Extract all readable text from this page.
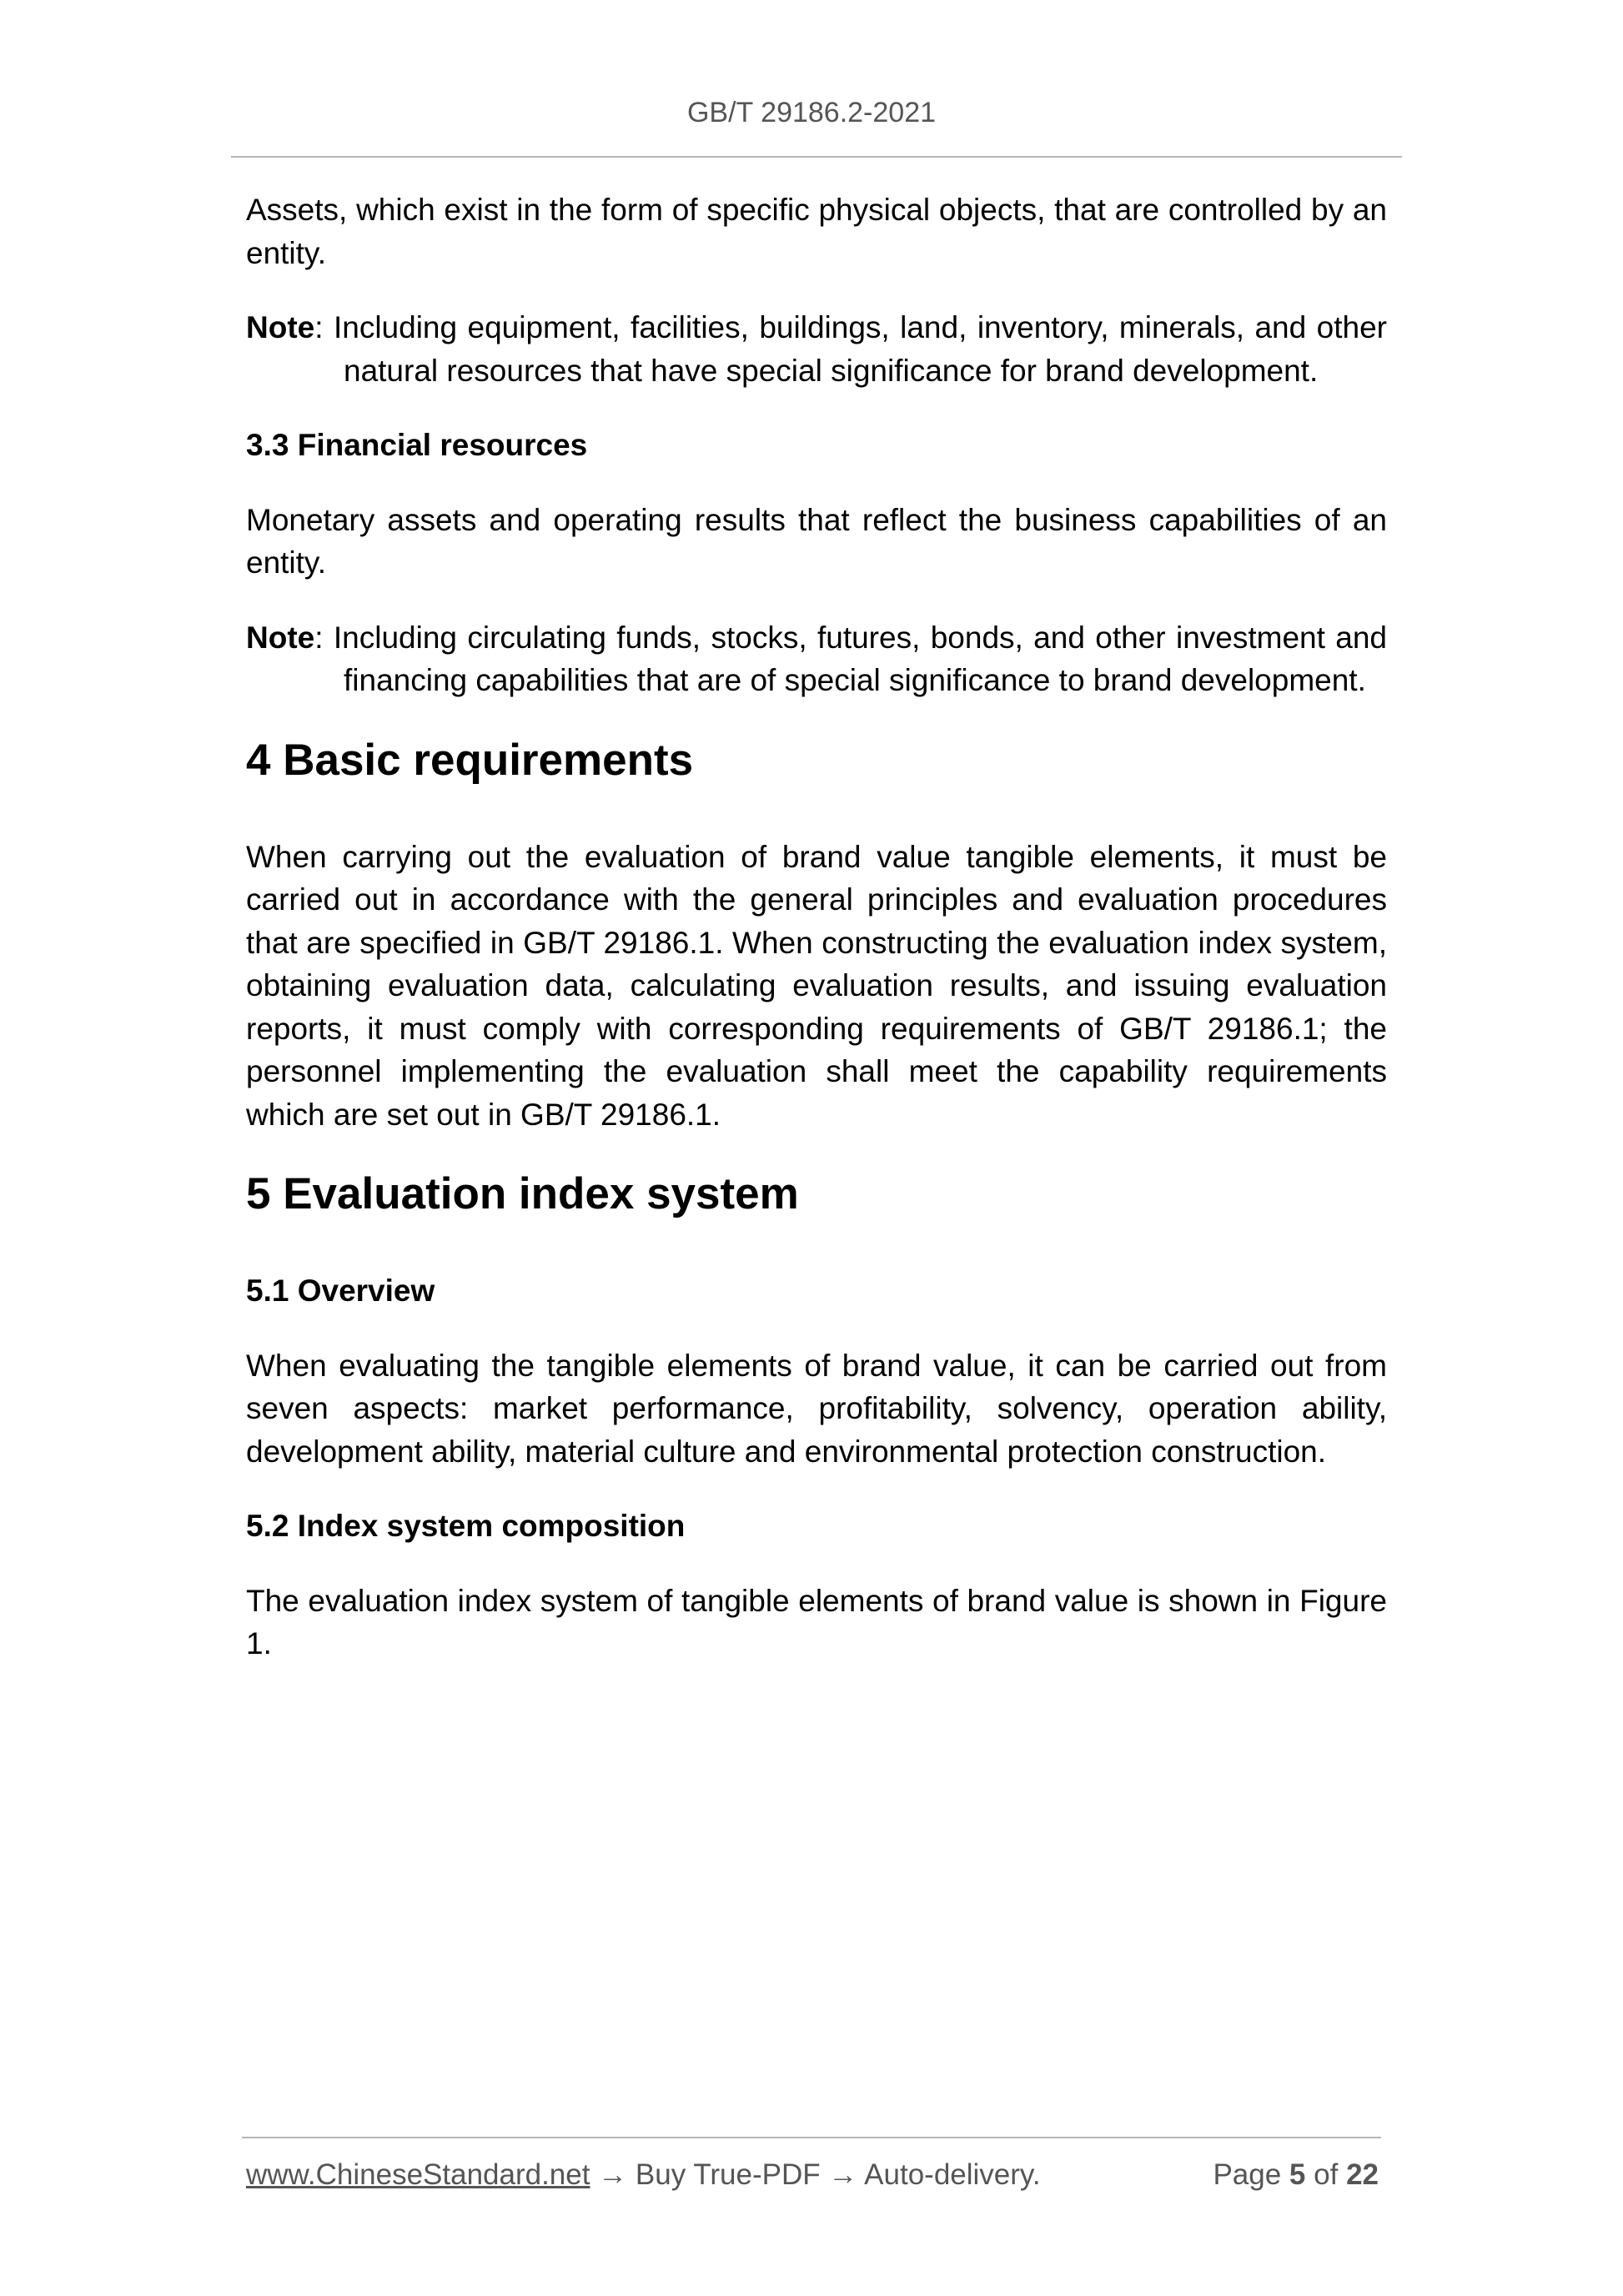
GB/T 29186.2-2021

Assets, which exist in the form of specific physical objects, that are controlled by an entity.

Note: Including equipment, facilities, buildings, land, inventory, minerals, and other natural resources that have special significance for brand development.

3.3 Financial resources

Monetary assets and operating results that reflect the business capabilities of an entity.

Note: Including circulating funds, stocks, futures, bonds, and other investment and financing capabilities that are of special significance to brand development.

4 Basic requirements

When carrying out the evaluation of brand value tangible elements, it must be carried out in accordance with the general principles and evaluation procedures that are specified in GB/T 29186.1. When constructing the evaluation index system, obtaining evaluation data, calculating evaluation results, and issuing evaluation reports, it must comply with corresponding requirements of GB/T 29186.1; the personnel implementing the evaluation shall meet the capability requirements which are set out in GB/T 29186.1.

5 Evaluation index system
5.1 Overview

When evaluating the tangible elements of brand value, it can be carried out from seven aspects: market performance, profitability, solvency, operation ability, development ability, material culture and environmental protection construction.

5.2 Index system composition

The evaluation index system of tangible elements of brand value is shown in Figure 1.

www.ChineseStandard.net → Buy True-PDF → Auto-delivery.	Page 5 of 22
